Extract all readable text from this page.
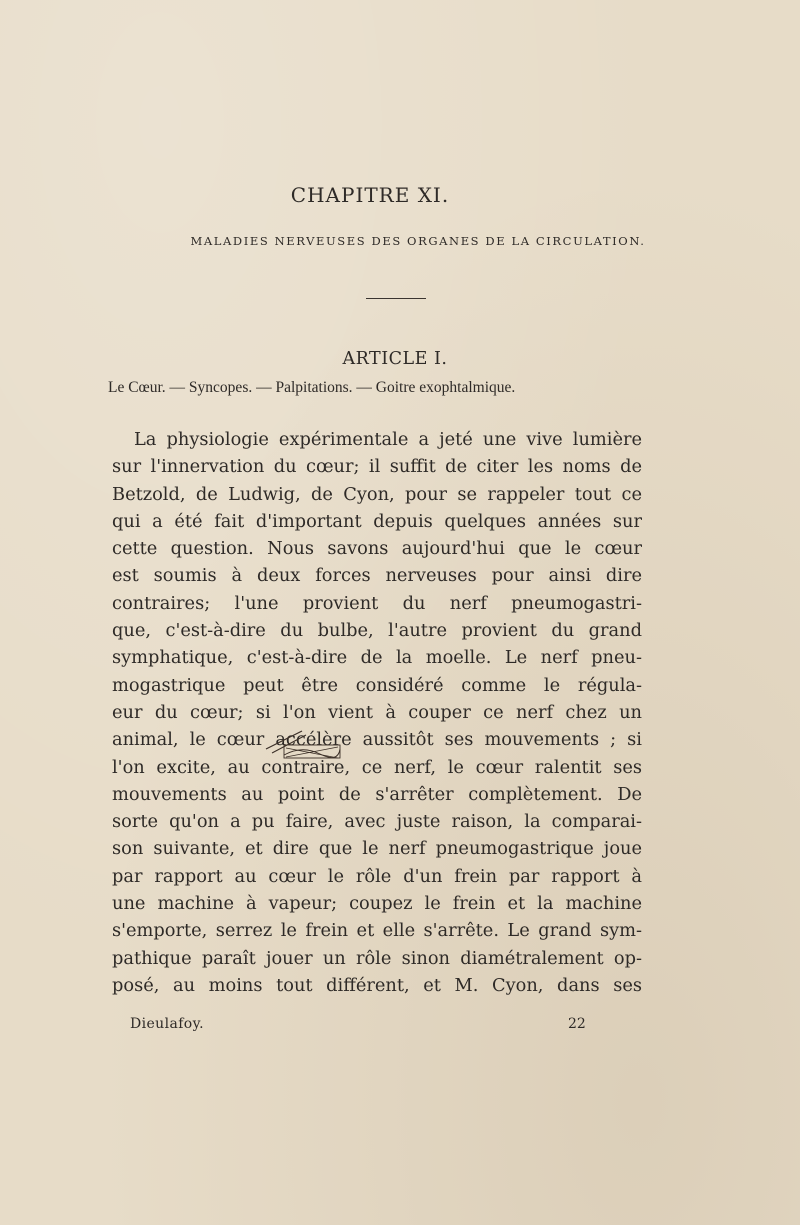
CHAPITRE XI.
MALADIES NERVEUSES DES ORGANES DE LA CIRCULATION.
ARTICLE I.
Le Cœur. — Syncopes. — Palpitations. — Goitre exophtalmique.
La physiologie expérimentale a jeté une vive lumière
sur l'innervation du cœur; il suffit de citer les noms de
Betzold, de Ludwig, de Cyon, pour se rappeler tout ce
qui a été fait d'important depuis quelques années sur
cette question. Nous savons aujourd'hui que le cœur
est soumis à deux forces nerveuses pour ainsi dire
contraires; l'une provient du nerf pneumogastri-
que, c'est-à-dire du bulbe, l'autre provient du grand
symphatique, c'est-à-dire de la moelle. Le nerf pneu-
mogastrique peut être considéré comme le régula-
eur du cœur; si l'on vient à couper ce nerf chez un
animal, le cœur accélère aussitôt ses mouvements ; si
l'on excite, au contraire, ce nerf, le cœur ralentit ses
mouvements au point de s'arrêter complètement. De
sorte qu'on a pu faire, avec juste raison, la comparai-
son suivante, et dire que le nerf pneumogastrique joue
par rapport au cœur le rôle d'un frein par rapport à
une machine à vapeur; coupez le frein et la machine
s'emporte, serrez le frein et elle s'arrête. Le grand sym-
pathique paraît jouer un rôle sinon diamétralement op-
posé, au moins tout différent, et M. Cyon, dans ses
Dieulafoy.	22
